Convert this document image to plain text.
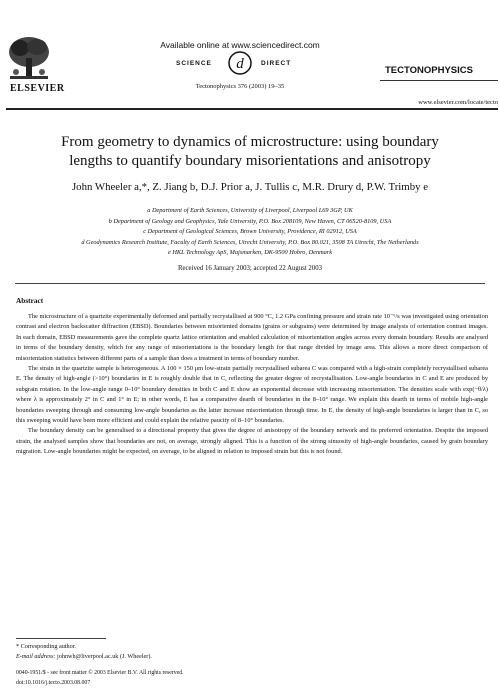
ELSEVIER
Available online at www.sciencedirect.com
d
SCIENCE	DIRECT
Tectonophysics 376 (2003) 19–35
TECTONOPHYSICS
www.elsevier.com/locate/tecto
From geometry to dynamics of microstructure: using boundary
lengths to quantify boundary misorientations and anisotropy
John Wheeler a,*, Z. Jiang b, D.J. Prior a, J. Tullis c, M.R. Drury d, P.W. Trimby e
a Department of Earth Sciences, University of Liverpool, Liverpool L69 3GP, UK
b Department of Geology and Geophysics, Yale University, P.O. Box 208109, New Haven, CT 06520-8109, USA
c Department of Geological Sciences, Brown University, Providence, RI 02912, USA
d Geodynamics Research Institute, Faculty of Earth Sciences, Utrecht University, P.O. Box 80.021, 3508 TA Utrecht, The Netherlands
e HKL Technology ApS, Majsmarken, DK-9500 Hobro, Denmark
Received 16 January 2003; accepted 22 August 2003
Abstract

The microstructure of a quartzite experimentally deformed and partially recrystallised at 900 °C, 1.2 GPa confining pressure and strain rate 10⁻⁶/s was investigated using orientation contrast and electron backscatter diffraction (EBSD). Boundaries between misoriented domains (grains or subgrains) were determined by image analysis of orientation contrast images. In each domain, EBSD measurements gave the complete quartz lattice orientation and enabled calculation of misorientation angles across every domain boundary. Results are analysed in terms of the boundary density, which for any range of misorientations is the boundary length for that range divided by image area. This allows a more direct comparison of misorientation statistics between different parts of a sample than does a treatment in terms of boundary number.

The strain in the quartzite sample is heterogeneous. A 100 × 150 μm low-strain partially recrystallised subarea C was compared with a high-strain completely recrystallised subarea E. The density of high-angle (>10°) boundaries in E is roughly double that in C, reflecting the greater degree of recrystallisation. Low-angle boundaries in C and E are produced by subgrain rotation. In the low-angle range 0–10° boundary densities in both C and E show an exponential decrease with increasing misorientation. The densities scale with exp(−θ/λ) where λ is approximately 2° in C and 1° in E; in other words, E has a comparative dearth of boundaries in the 8–10° range. We explain this dearth in terms of mobile high-angle boundaries sweeping through and consuming low-angle boundaries as the latter increase misorientation through time. In E, the density of high-angle boundaries is larger than in C, so this sweeping would have been more efficient and could explain the relative paucity of 8–10° boundaries.

The boundary density can be generalised to a directional property that gives the degree of anisotropy of the boundary network and its preferred orientation. Despite the imposed strain, the analysed samples show that boundaries are not, on average, strongly aligned. This is a function of the strong sinuosity of high-angle boundaries, caused by grain boundary migration. Low-angle boundaries might be expected, on average, to be aligned in relation to imposed strain but this is not found.

* Corresponding author.
E-mail address: johnwh@liverpool.ac.uk (J. Wheeler).
0040-1951/$ - see front matter © 2003 Elsevier B.V. All rights reserved.
doi:10.1016/j.tecto.2003.08.007
